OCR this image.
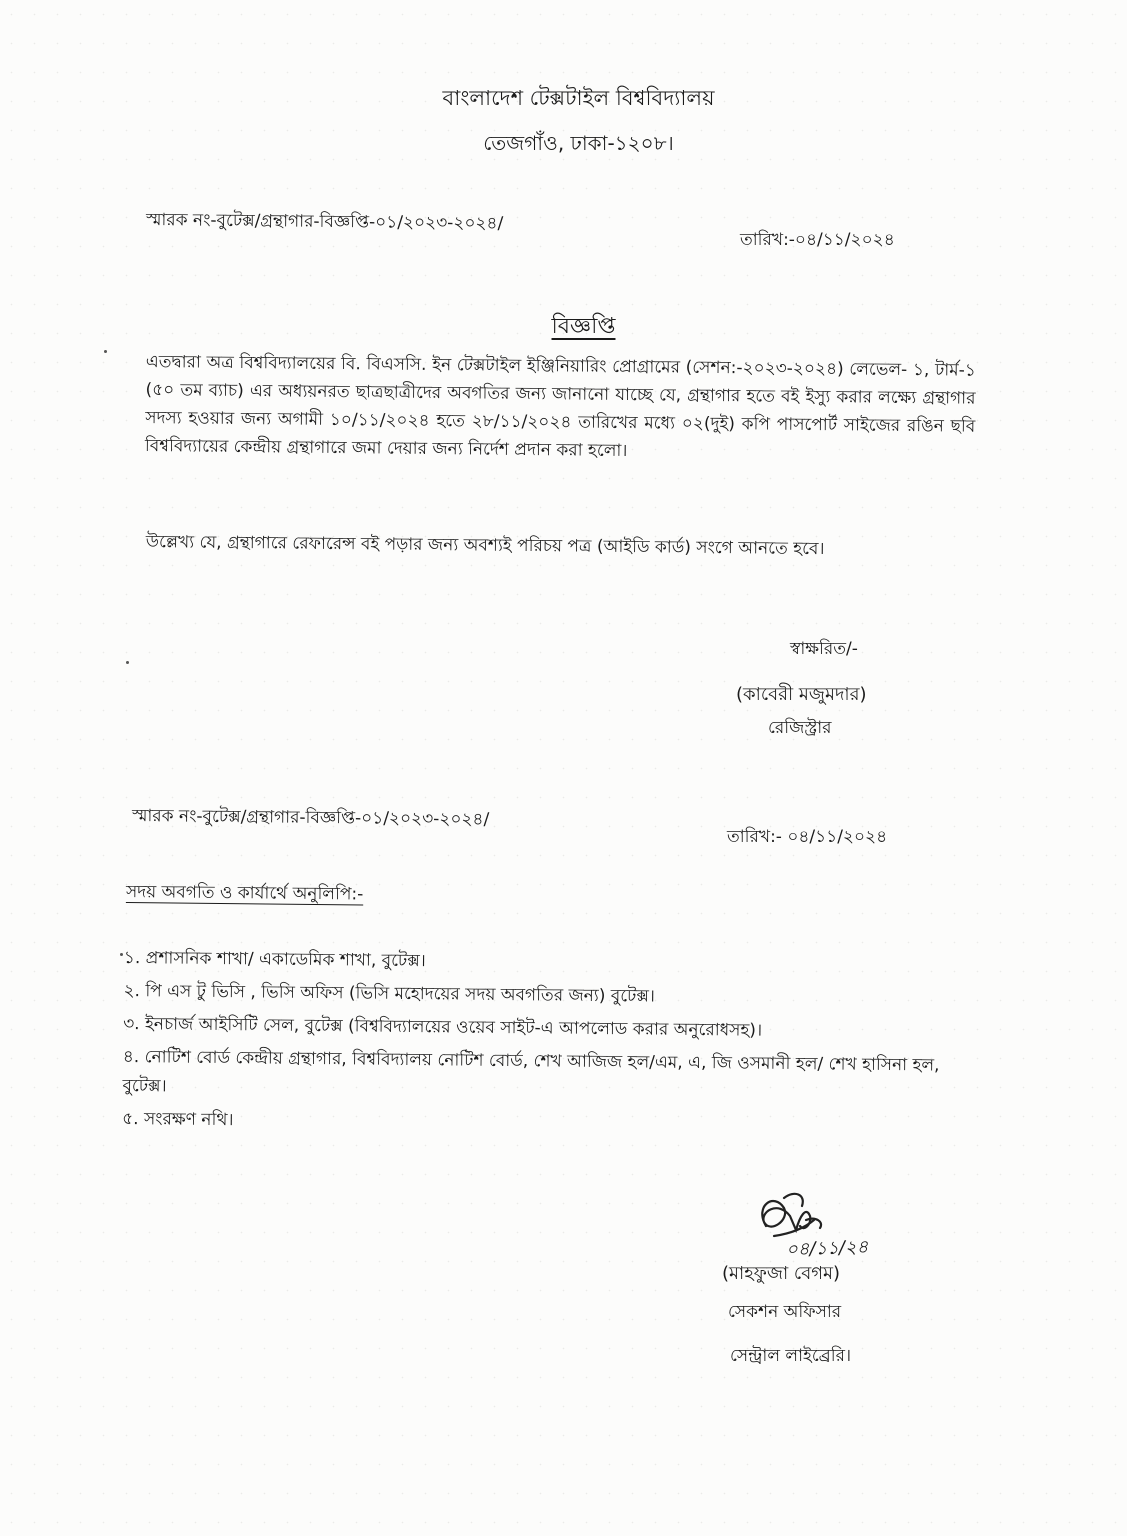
বাংলাদেশ টেক্সটাইল বিশ্ববিদ্যালয়
তেজগাঁও, ঢাকা-১২০৮।
স্মারক নং-বুটেক্স/গ্রন্থাগার-বিজ্ঞপ্তি-০১/২০২৩-২০২৪/
তারিখ:-০৪/১১/২০২৪
বিজ্ঞপ্তি
এতদ্বারা অত্র বিশ্ববিদ্যালয়ের বি. বিএসসি. ইন টেক্সটাইল ইঞ্জিনিয়ারিং প্রোগ্রামের (সেশন:-২০২৩-২০২৪) লেভেল- ১, টার্ম-১ (৫০ তম ব্যাচ) এর অধ্যয়নরত ছাত্রছাত্রীদের অবগতির জন্য জানানো যাচ্ছে যে, গ্রন্থাগার হতে বই ইস্যু করার লক্ষ্যে গ্রন্থাগার সদস্য হওয়ার জন্য অগামী ১০/১১/২০২৪ হতে ২৮/১১/২০২৪ তারিখের মধ্যে ০২(দুই) কপি পাসপোর্ট সাইজের রঙিন ছবি বিশ্ববিদ্যায়ের কেন্দ্রীয় গ্রন্থাগারে জমা দেয়ার জন্য নির্দেশ প্রদান করা হলো।
উল্লেখ্য যে, গ্রন্থাগারে রেফারেন্স বই পড়ার জন্য অবশ্যই পরিচয় পত্র (আইডি কার্ড) সংগে আনতে হবে।
স্বাক্ষরিত/-
(কাবেরী মজুমদার)
রেজিস্ট্রার
স্মারক নং-বুটেক্স/গ্রন্থাগার-বিজ্ঞপ্তি-০১/২০২৩-২০২৪/
তারিখ:- ০৪/১১/২০২৪
সদয় অবগতি ও কার্যার্থে অনুলিপি:-
১. প্রশাসনিক শাখা/ একাডেমিক শাখা, বুটেক্স।
২. পি এস টু ভিসি , ভিসি অফিস (ভিসি মহোদয়ের সদয় অবগতির জন্য) বুটেক্স।
৩. ইনচার্জ আইসিটি সেল, বুটেক্স (বিশ্ববিদ্যালয়ের ওয়েব সাইট-এ আপলোড করার অনুরোধসহ)।
৪. নোটিশ বোর্ড কেন্দ্রীয় গ্রন্থাগার, বিশ্ববিদ্যালয় নোটিশ বোর্ড, শেখ আজিজ হল/এম, এ, জি ওসমানী হল/ শেখ হাসিনা হল, বুটেক্স।
৫. সংরক্ষণ নথি।
০৪/১১/২৪
(মাহফুজা বেগম)
সেকশন অফিসার
সেন্ট্রাল লাইব্রেরি।
